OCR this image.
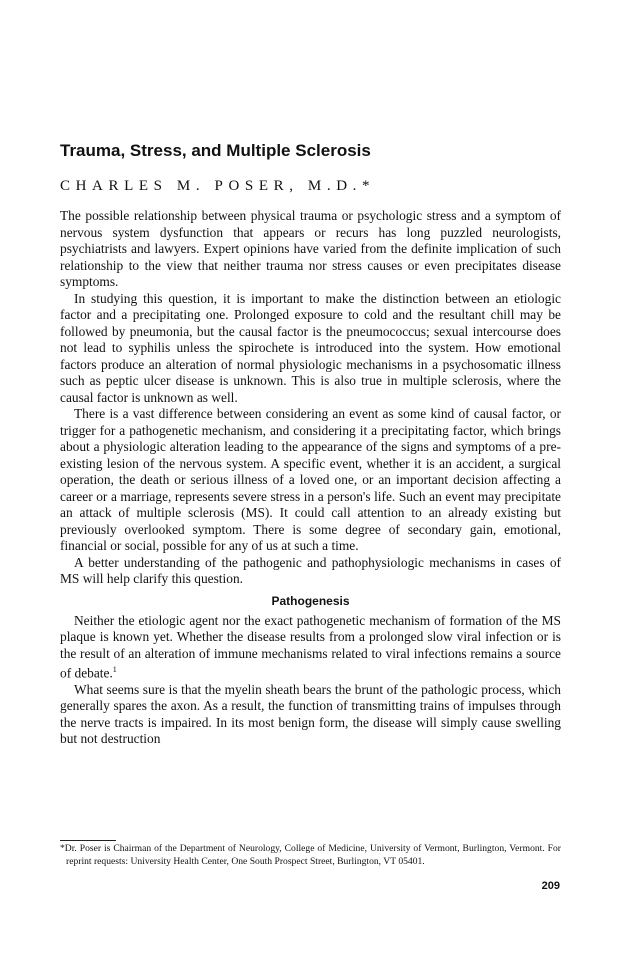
Trauma, Stress, and Multiple Sclerosis
CHARLES M. POSER, M.D.*

The possible relationship between physical trauma or psychologic stress and a symptom of nervous system dysfunction that appears or recurs has long puzzled neurologists, psychiatrists and lawyers. Expert opinions have varied from the definite implication of such relationship to the view that neither trauma nor stress causes or even precipitates disease symptoms.

In studying this question, it is important to make the distinction between an etiologic factor and a precipitating one. Prolonged exposure to cold and the resultant chill may be followed by pneumonia, but the causal factor is the pneumococcus; sexual intercourse does not lead to syphilis unless the spirochete is introduced into the system. How emotional factors produce an alteration of normal physiologic mechanisms in a psychosomatic illness such as peptic ulcer disease is unknown. This is also true in multiple sclerosis, where the causal factor is unknown as well.

There is a vast difference between considering an event as some kind of causal factor, or trigger for a pathogenetic mechanism, and considering it a precipitating factor, which brings about a physiologic alteration leading to the appearance of the signs and symptoms of a pre-existing lesion of the nervous system. A specific event, whether it is an accident, a surgical operation, the death or serious illness of a loved one, or an important decision affecting a career or a marriage, represents severe stress in a person's life. Such an event may precipitate an attack of multiple sclerosis (MS). It could call attention to an already existing but previously overlooked symptom. There is some degree of secondary gain, emotional, financial or social, possible for any of us at such a time.

A better understanding of the pathogenic and pathophysiologic mechanisms in cases of MS will help clarify this question.

Pathogenesis

Neither the etiologic agent nor the exact pathogenetic mechanism of formation of the MS plaque is known yet. Whether the disease results from a prolonged slow viral infection or is the result of an alteration of immune mechanisms related to viral infections remains a source of debate.$^1$

What seems sure is that the myelin sheath bears the brunt of the pathologic process, which generally spares the axon. As a result, the function of transmitting trains of impulses through the nerve tracts is impaired. In its most benign form, the disease will simply cause swelling but not destruction

*Dr. Poser is Chairman of the Department of Neurology, College of Medicine, University of Vermont, Burlington, Vermont. For reprint requests: University Health Center, One South Prospect Street, Burlington, VT 05401.
209
